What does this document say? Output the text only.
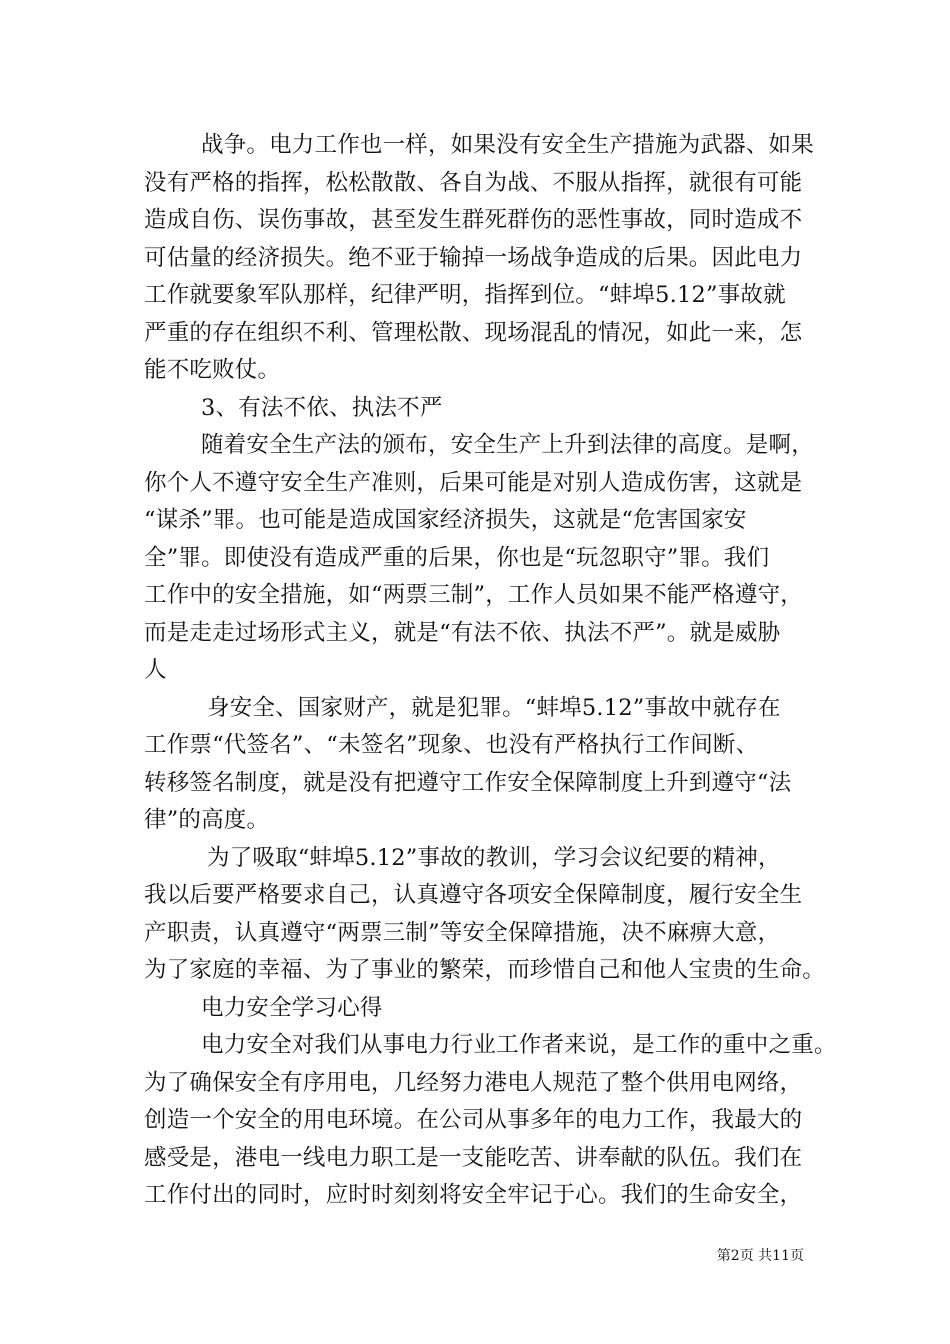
战争。电力工作也一样，如果没有安全生产措施为武器、如果
没有严格的指挥，松松散散、各自为战、不服从指挥，就很有可能
造成自伤、误伤事故，甚至发生群死群伤的恶性事故，同时造成不
可估量的经济损失。绝不亚于输掉一场战争造成的后果。因此电力
工作就要象军队那样，纪律严明，指挥到位。“蚌埠5.12”事故就
严重的存在组织不利、管理松散、现场混乱的情况，如此一来，怎
能不吃败仗。
3、有法不依、执法不严
随着安全生产法的颁布，安全生产上升到法律的高度。是啊，
你个人不遵守安全生产准则，后果可能是对别人造成伤害，这就是
“谋杀”罪。也可能是造成国家经济损失，这就是“危害国家安
全”罪。即使没有造成严重的后果，你也是“玩忽职守”罪。我们
工作中的安全措施，如“两票三制”，工作人员如果不能严格遵守，
而是走走过场形式主义，就是“有法不依、执法不严”。就是威胁
人
身安全、国家财产，就是犯罪。“蚌埠5.12”事故中就存在
工作票“代签名”、“未签名”现象、也没有严格执行工作间断、
转移签名制度，就是没有把遵守工作安全保障制度上升到遵守“法
律”的高度。
为了吸取“蚌埠5.12”事故的教训，学习会议纪要的精神，
我以后要严格要求自己，认真遵守各项安全保障制度，履行安全生
产职责，认真遵守“两票三制”等安全保障措施，决不麻痹大意，
为了家庭的幸福、为了事业的繁荣，而珍惜自己和他人宝贵的生命。
电力安全学习心得
电力安全对我们从事电力行业工作者来说，是工作的重中之重。
为了确保安全有序用电，几经努力港电人规范了整个供用电网络，
创造一个安全的用电环境。在公司从事多年的电力工作，我最大的
感受是，港电一线电力职工是一支能吃苦、讲奉献的队伍。我们在
工作付出的同时，应时时刻刻将安全牢记于心。我们的生命安全，
第2页 共11页
